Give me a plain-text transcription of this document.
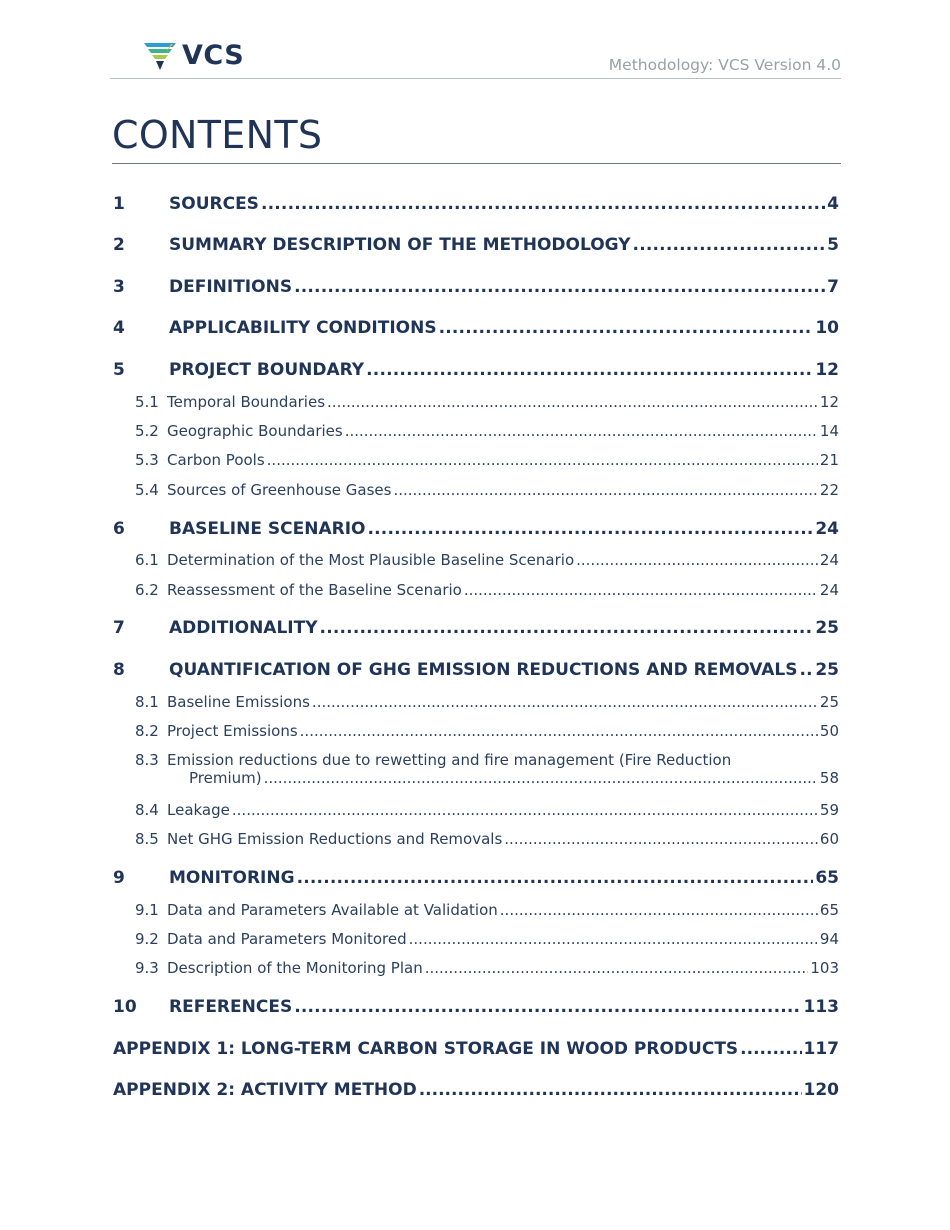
VCS	Methodology: VCS Version 4.0
CONTENTS
1	SOURCES .....	4
2	SUMMARY DESCRIPTION OF THE METHODOLOGY .....	5
3	DEFINITIONS .....	7
4	APPLICABILITY CONDITIONS .....	10
5	PROJECT BOUNDARY .....	12
5.1 Temporal Boundaries .....	12
5.2 Geographic Boundaries .....	14
5.3 Carbon Pools .....	21
5.4 Sources of Greenhouse Gases .....	22
6	BASELINE SCENARIO .....	24
6.1 Determination of the Most Plausible Baseline Scenario .....	24
6.2 Reassessment of the Baseline Scenario .....	24
7	ADDITIONALITY .....	25
8	QUANTIFICATION OF GHG EMISSION REDUCTIONS AND REMOVALS ..... 25
8.1 Baseline Emissions .....	25
8.2 Project Emissions .....	50
8.3 Emission reductions due to rewetting and fire management (Fire Reduction
Premium) .....	58
8.4 Leakage .....	59
8.5 Net GHG Emission Reductions and Removals .....	60
9	MONITORING .....	65
9.1 Data and Parameters Available at Validation .....	65
9.2 Data and Parameters Monitored .....	94
9.3 Description of the Monitoring Plan .....	103
10	REFERENCES .....	113
APPENDIX 1: LONG-TERM CARBON STORAGE IN WOOD PRODUCTS .....	117
APPENDIX 2: ACTIVITY METHOD .....	120
